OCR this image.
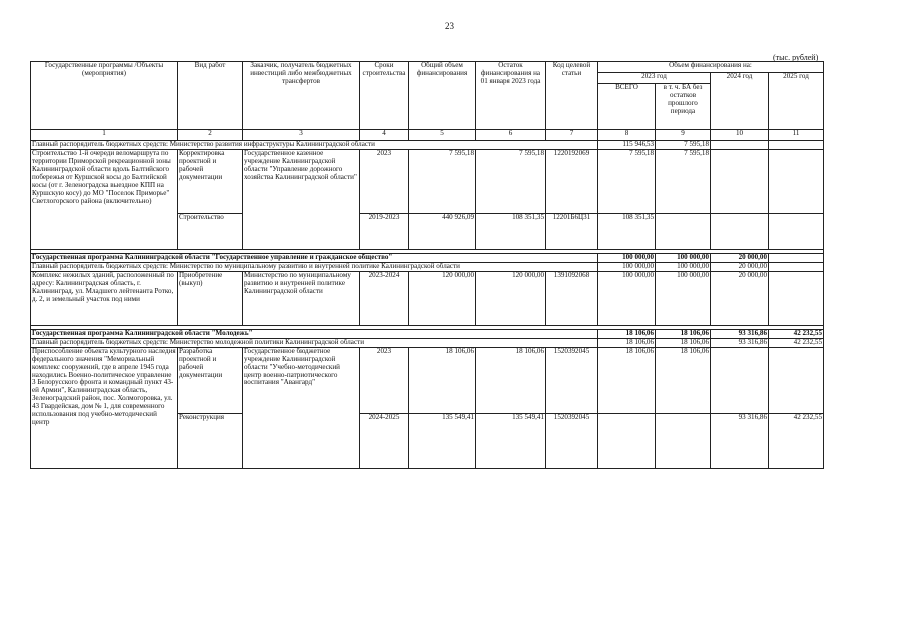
23
(тыс. рублей)
Государственные программы /Объекты
(мероприятия)	Вид работ	Заказчик, получатель бюджетных инвестиций либо межбюджетных трансфертов	Сроки строительства	Общий объем финансирования	Остаток финансирования на 01 января 2023 года	Код целевой статьи	Объем финансирования на:			
							2023 год		2024 год	2025 год
							ВСЕГО	в т. ч. БА без остатков прошлого периода		
1	2	3	4	5	6	7	8	9	10	11
Главный распорядитель бюджетных средств: Министерство развития инфраструктуры Калининградской области							115 946,53	7 595,18		
Строительство 1-й очереди веломаршрута по территории Приморской рекреационной зоны Калининградской области вдоль Балтийского побережья от Куршской косы до Балтийской косы (от г. Зеленоградска выездное КПП на Куршскую косу) до МО "Поселок Приморье" Светлогорского района (включительно)	Корректировка проектной и рабочей документации	Государственное казенное учреждение Калининградской области "Управление дорожного хозяйства Калининградской области"	2023	7 595,18	7 595,18	1220192069	7 595,18	7 595,18		
	Строительство		2019-2023	440 926,09	108 351,35	12201Б6Ц31	108 351,35			

Государственная программа Калининградской области "Государственное управление и гражданское общество"							100 000,00	100 000,00	20 000,00	
Главный распорядитель бюджетных средств: Министерство по муниципальному развитию и внутренней политике Калининградской области							100 000,00	100 000,00	20 000,00	
Комплекс нежилых зданий, расположенный по адресу: Калининградская область, г. Калининград, ул. Младшего лейтенанта Ротко, д. 2, и земельный участок под ними	Приобретение (выкуп)	Министерство по муниципальному развитию и внутренней политике Калининградской области	2023-2024	120 000,00	120 000,00	1391092068	100 000,00	100 000,00	20 000,00	

Государственная программа Калининградской области "Молодежь"							18 106,06	18 106,06	93 316,86	42 232,55
Главный распорядитель бюджетных средств: Министерство молодежной политики Калининградской области							18 106,06	18 106,06	93 316,86	42 232,55
Приспособление объекта культурного наследия федерального значения "Мемориальный комплекс сооружений, где в апреле 1945 года находились Военно-политическое управление 3 Белорусского фронта и командный пункт 43-ей Армии", Калининградская область, Зеленоградский район, пос. Холмогоровка, ул. 43 Гвардейская, дом № 1, для современного использования под учебно-методический центр	Разработка проектной и рабочей документации	Государственное бюджетное учреждение Калининградской области "Учебно-методический центр военно-патриотического воспитания "Авангард"	2023	18 106,06	18 106,06	1520392045	18 106,06	18 106,06		
	Реконструкция		2024-2025	135 549,41	135 549,41	1520392045			93 316,86	42 232,55
